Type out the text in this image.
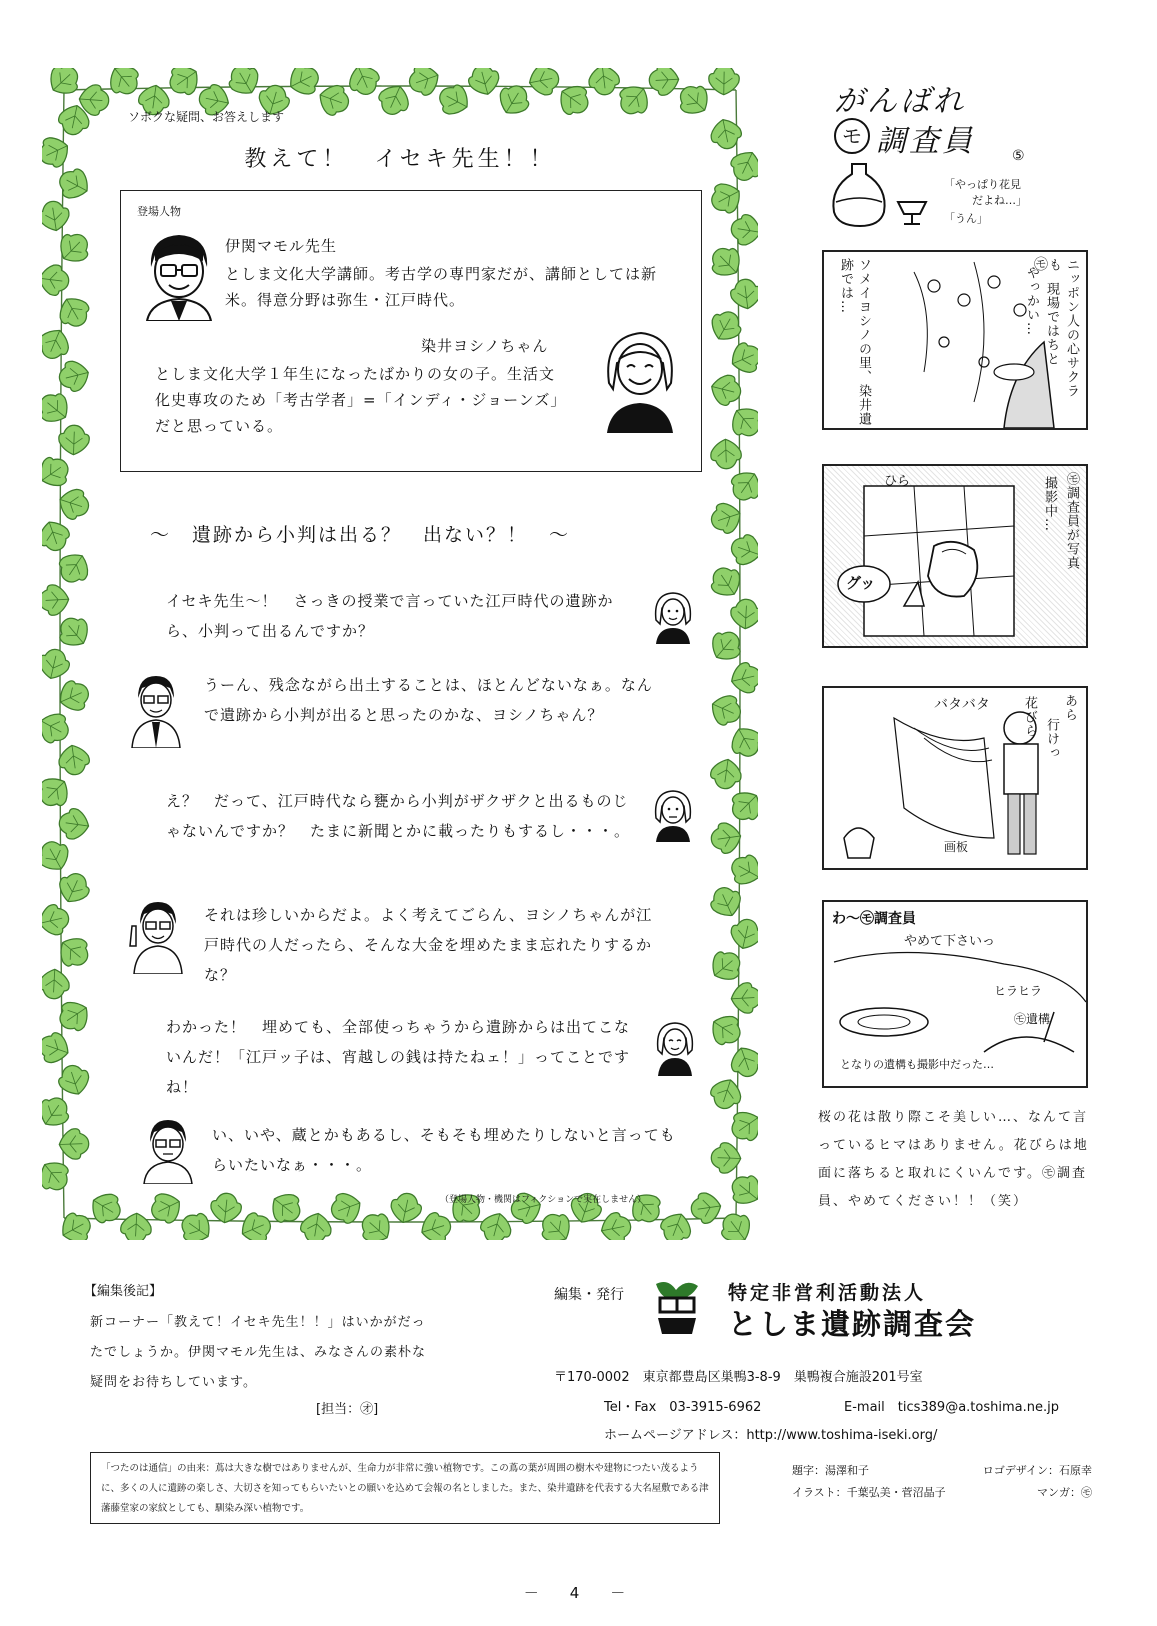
ソボクな疑問、お答えします
教えて！　イセキ先生！！
登場人物
伊関マモル先生
としま文化大学講師。考古学の専門家だが、講師としては新米。得意分野は弥生・江戸時代。
染井ヨシノちゃん
としま文化大学１年生になったばかりの女の子。生活文化史専攻のため「考古学者」=「インディ・ジョーンズ」だと思っている。
～　遺跡から小判は出る？　出ない？！　～
イセキ先生～！　さっきの授業で言っていた江戸時代の遺跡から、小判って出るんですか？
うーん、残念ながら出土することは、ほとんどないなぁ。なんで遺跡から小判が出ると思ったのかな、ヨシノちゃん？
え？　だって、江戸時代なら甕から小判がザクザクと出るものじゃないんですか？　たまに新聞とかに載ったりもするし・・・。
それは珍しいからだよ。よく考えてごらん、ヨシノちゃんが江戸時代の人だったら、そんな大金を埋めたまま忘れたりするかな？
わかった！　埋めても、全部使っちゃうから遺跡からは出てこないんだ！「江戸ッ子は、宵越しの銭は持たねェ！」ってことですね！
い、いや、蔵とかもあるし、そもそも埋めたりしないと言ってもらいたいなぁ・・・。
（登場人物・機関はフィクションで実在しません）
がんばれ
モ 調査員	⑤
「やっぱり花見
だよね…」
「うん」
ニッポン人の心サクラも
現場ではちと
やっかい…
㋲
ソメイヨシノの里、染井遺跡では…
㋲調査員が写真
撮影中…
ひら
グッ
あら
行けっ
花びら
バタバタ
画板
わ～㋲調査員
やめて下さいっ
ヒラヒラ
㋲遺構
となりの遺構も撮影中だった…
桜の花は散り際こそ美しい…、なんて言っているヒマはありません。花びらは地面に落ちると取れにくいんです。㋲調査員、やめてください！！（笑）
【編集後記】
新コーナー「教えて！イセキ先生！！」はいかがだったでしょうか。伊関マモル先生は、みなさんの素朴な疑問をお待ちしています。
[担当：㋔]
編集・発行	特定非営利活動法人
としま遺跡調査会
〒170-0002　東京都豊島区巣鴨3-8-9　巣鴨複合施設201号室
Tel・Fax　03-3915-6962	E-mail　tics389@a.toshima.ne.jp
ホームページアドレス：http://www.toshima-iseki.org/
「つたのは通信」の由来：蔦は大きな樹ではありませんが、生命力が非常に強い植物です。この蔦の葉が周囲の樹木や建物につたい茂るように、多くの人に遺跡の楽しさ、大切さを知ってもらいたいとの願いを込めて会報の名としました。また、染井遺跡を代表する大名屋敷である津藩藤堂家の家紋としても、馴染み深い植物です。
題字：湯澤和子	ロゴデザイン：石原幸
イラスト：千葉弘美・菅沼晶子	マンガ：㋲
－　4　－
